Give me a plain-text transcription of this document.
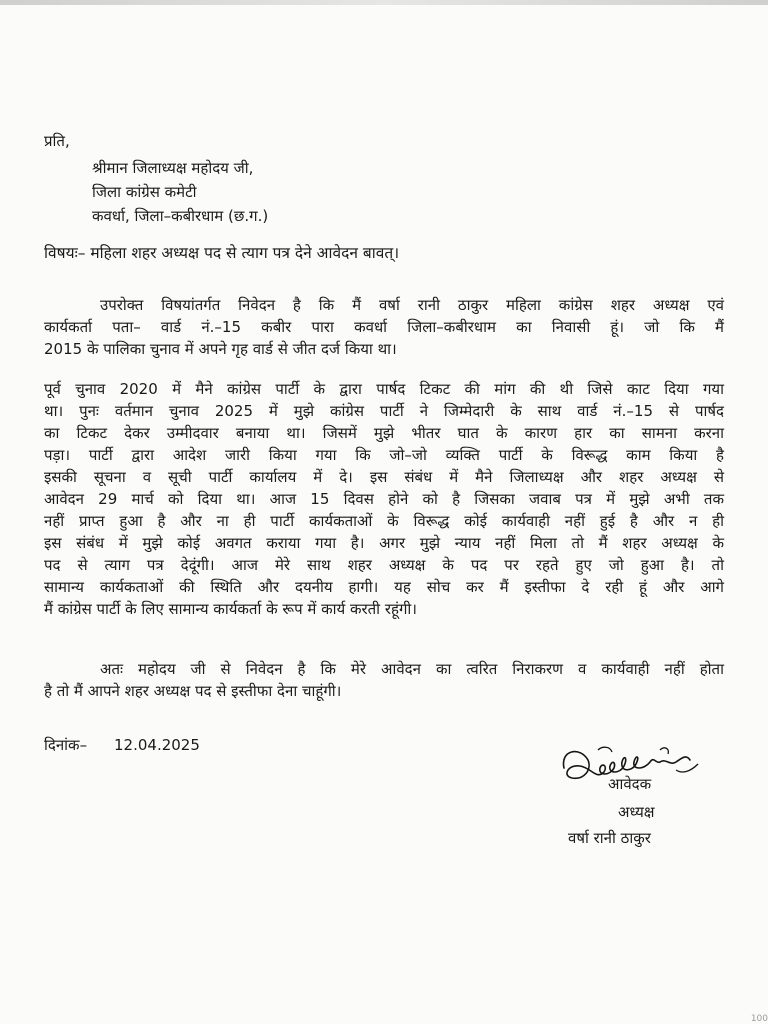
प्रति,
श्रीमान जिलाध्यक्ष महोदय जी,
जिला कांग्रेस कमेटी
कवर्धा, जिला–कबीरधाम (छ.ग.)
विषयः– महिला शहर अध्यक्ष पद से त्याग पत्र देने आवेदन बावत्।
उपरोक्त विषयांतर्गत निवेदन है कि मैं वर्षा रानी ठाकुर महिला कांग्रेस शहर अध्यक्ष एवं
कार्यकर्ता पता– वार्ड नं.–15 कबीर पारा कवर्धा जिला–कबीरधाम का निवासी हूं। जो कि मैं
2015 के पालिका चुनाव में अपने गृह वार्ड से जीत दर्ज किया था।
पूर्व चुनाव 2020 में मैने कांग्रेस पार्टी के द्वारा पार्षद टिकट की मांग की थी जिसे काट दिया गया
था। पुनः वर्तमान चुनाव 2025 में मुझे कांग्रेस पार्टी ने जिम्मेदारी के साथ वार्ड नं.–15 से पार्षद
का टिकट देकर उम्मीदवार बनाया था। जिसमें मुझे भीतर घात के कारण हार का सामना करना
पड़ा। पार्टी द्वारा आदेश जारी किया गया कि जो–जो व्यक्ति पार्टी के विरूद्ध काम किया है
इसकी सूचना व सूची पार्टी कार्यालय में दे। इस संबंध में मैने जिलाध्यक्ष और शहर अध्यक्ष से
आवेदन 29 मार्च को दिया था। आज 15 दिवस होने को है जिसका जवाब पत्र में मुझे अभी तक
नहीं प्राप्त हुआ है और ना ही पार्टी कार्यकताओं के विरूद्ध कोई कार्यवाही नहीं हुई है और न ही
इस संबंध में मुझे कोई अवगत कराया गया है। अगर मुझे न्याय नहीं मिला तो मैं शहर अध्यक्ष के
पद से त्याग पत्र देदूंगी। आज मेरे साथ शहर अध्यक्ष के पद पर रहते हुए जो हुआ है। तो
सामान्य कार्यकताओं की स्थिति और दयनीय हागी। यह सोच कर मैं इस्तीफा दे रही हूं और आगे
मैं कांग्रेस पार्टी के लिए सामान्य कार्यकर्ता के रूप में कार्य करती रहूंगी।
अतः महोदय जी से निवेदन है कि मेरे आवेदन का त्वरित निराकरण व कार्यवाही नहीं होता
है तो मैं आपने शहर अध्यक्ष पद से इस्तीफा देना चाहूंगी।
दिनांक– 12.04.2025
आवेदक
अध्यक्ष
वर्षा रानी ठाकुर
100
